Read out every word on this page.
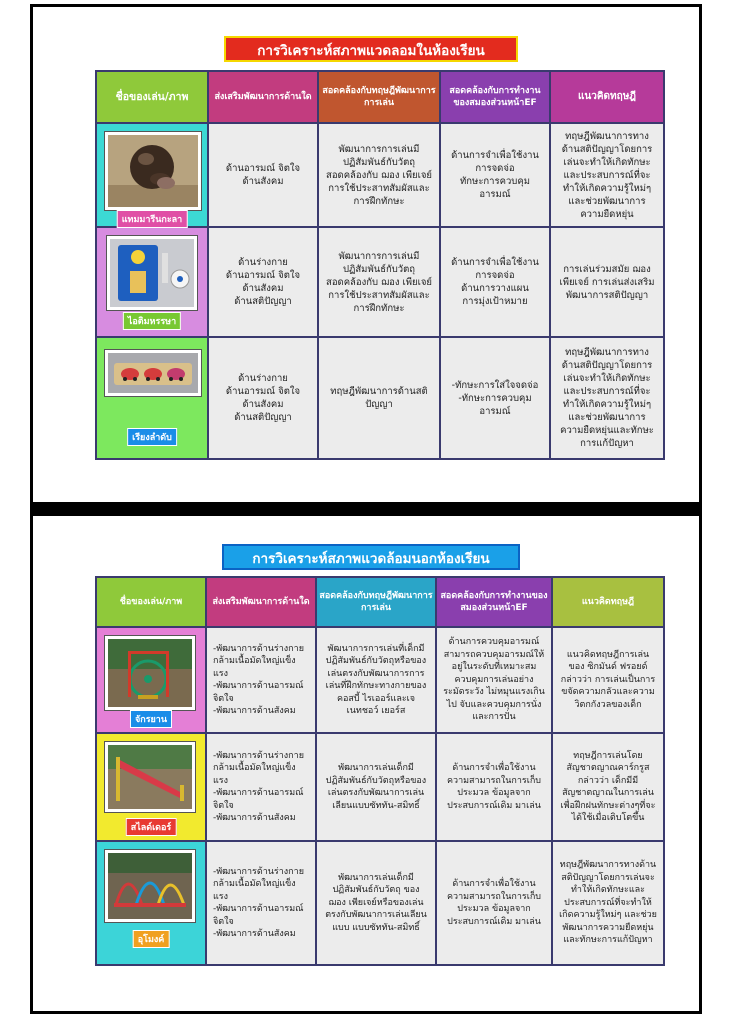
การวิเคราะห์สภาพแวดลอมในห้องเรียน
ชื่อของเล่น/ภาพ	ส่งเสริมพัฒนาการด้านใด	สอดคล้องกับทฤษฎีพัฒนาการการเล่น	สอดคล้องกับการทำงานของสมองส่วนหน้าEF	แนวคิดทฤษฎี

แทมมารีนกะลา	ด้านอารมณ์ จิตใจ
ด้านสังคม	พัฒนาการการเล่นมีปฏิสัมพันธ์กับวัตถุ สอดคล้องกับ ฌอง เพียเจย์ การใช้ประสาทสัมผัสและการฝึกทักษะ	ด้านการจำเพื่อใช้งาน
การจดจ่อ
ทักษะการควบคุมอารมณ์	ทฤษฎีพัฒนาการทางด้านสติปัญญาโดยการเล่นจะทำให้เกิดทักษะและประสบการณ์ที่จะทำให้เกิดความรู้ใหม่ๆ และช่วยพัฒนาการความยืดหยุ่น

ไอติมหรรษา	ด้านร่างกาย
ด้านอารมณ์ จิตใจ
ด้านสังคม
ด้านสติปัญญา	พัฒนาการการเล่นมีปฏิสัมพันธ์กับวัตถุ สอดคล้องกับ ฌอง เพียเจย์ การใช้ประสาทสัมผัสและการฝึกทักษะ	ด้านการจำเพื่อใช้งาน
การจดจ่อ
ด้านการวางแผน
การมุ่งเป้าหมาย	การเล่นร่วมสมัย ฌอง เพียเจย์ การเล่นส่งเสริมพัฒนาการสติปัญญา

เรียงลำดับ	ด้านร่างกาย
ด้านอารมณ์ จิตใจ
ด้านสังคม
ด้านสติปัญญา	ทฤษฎีพัฒนาการด้านสติปัญญา	-ทักษะการใส่ใจจดจ่อ
-ทักษะการควบคุมอารมณ์	ทฤษฎีพัฒนาการทางด้านสติปัญญาโดยการเล่นจะทำให้เกิดทักษะและประสบการณ์ที่จะทำให้เกิดความรู้ใหม่ๆ และช่วยพัฒนาการความยืดหยุ่นและทักษะการแก้ปัญหา
การวิเคราะห์สภาพแวดล้อมนอกห้องเรียน
ชื่อของเล่น/ภาพ	ส่งเสริมพัฒนาการด้านใด	สอดคล้องกับทฤษฎีพัฒนาการการเล่น	สอดคล้องกับการทำงานของสมองส่วนหน้าEF	แนวคิดทฤษฎี

จักรยาน	-พัฒนาการด้านร่างกาย กล้ามเนื้อมัดใหญ่แข็งแรง
-พัฒนาการด้านอารมณ์ จิตใจ
-พัฒนาการด้านสังคม	พัฒนาการการเล่นที่เด็กมีปฏิสัมพันธ์กับวัตถุหรือของเล่นตรงกับพัฒนาการการเล่นที่ฝึกทักษะทางกายของ คอสบี้ ไรเออร์และเจเนทชอว์ เยอร์ส	ด้านการควบคุมอารมณ์ สามารถควบคุมอารมณ์ให้อยู่ในระดับที่เหมาะสม ควบคุมการเล่นอย่างระมัดระวัง ไม่หมุนแรงเกินไป จับและควบคุมการนั่งและการปั่น	แนวคิดทฤษฎีการเล่นของ ซิกมันด์ ฟรอยด์ กล่าวว่า การเล่นเป็นการขจัดความกลัวและความวิตกกังวลของเด็ก

สไลด์เดอร์	-พัฒนาการด้านร่างกาย กล้ามเนื้อมัดใหญ่แข็งแรง
-พัฒนาการด้านอารมณ์ จิตใจ
-พัฒนาการด้านสังคม	พัฒนาการเล่นเด็กมีปฏิสัมพันธ์กับวัตถุหรือของเล่นตรงกับพัฒนาการเล่นเลียนแบบซัททัน-สมิทธิ์	ด้านการจำเพื่อใช้งาน ความสามารถในการเก็บประมวล ข้อมูลจากประสบการณ์เดิม มาเล่น	ทฤษฎีการเล่นโดยสัญชาตญาณคาร์กรูส กล่าวว่า เด็กมีมีสัญชาตญาณในการเล่นเพื่อฝึกฝนทักษะต่างๆที่จะได้ใช้เมื่อเติบโตขึ้น

อุโมงค์	-พัฒนาการด้านร่างกาย กล้ามเนื้อมัดใหญ่แข็งแรง
-พัฒนาการด้านอารมณ์ จิตใจ
-พัฒนาการด้านสังคม	พัฒนาการเล่นเด็กมีปฏิสัมพันธ์กับวัตถุ ของ ฌอง เพียเจย์หรือของเล่นตรงกับพัฒนาการเล่นเลียนแบบ แบบซัททัน-สมิทธิ์	ด้านการจำเพื่อใช้งาน ความสามารถในการเก็บประมวล ข้อมูลจากประสบการณ์เดิม มาเล่น	ทฤษฎีพัฒนาการทางด้านสติปัญญาโดยการเล่นจะทำให้เกิดทักษะและประสบการณ์ที่จะทำให้เกิดความรู้ใหม่ๆ และช่วยพัฒนาการความยืดหยุ่นและทักษะการแก้ปัญหา
